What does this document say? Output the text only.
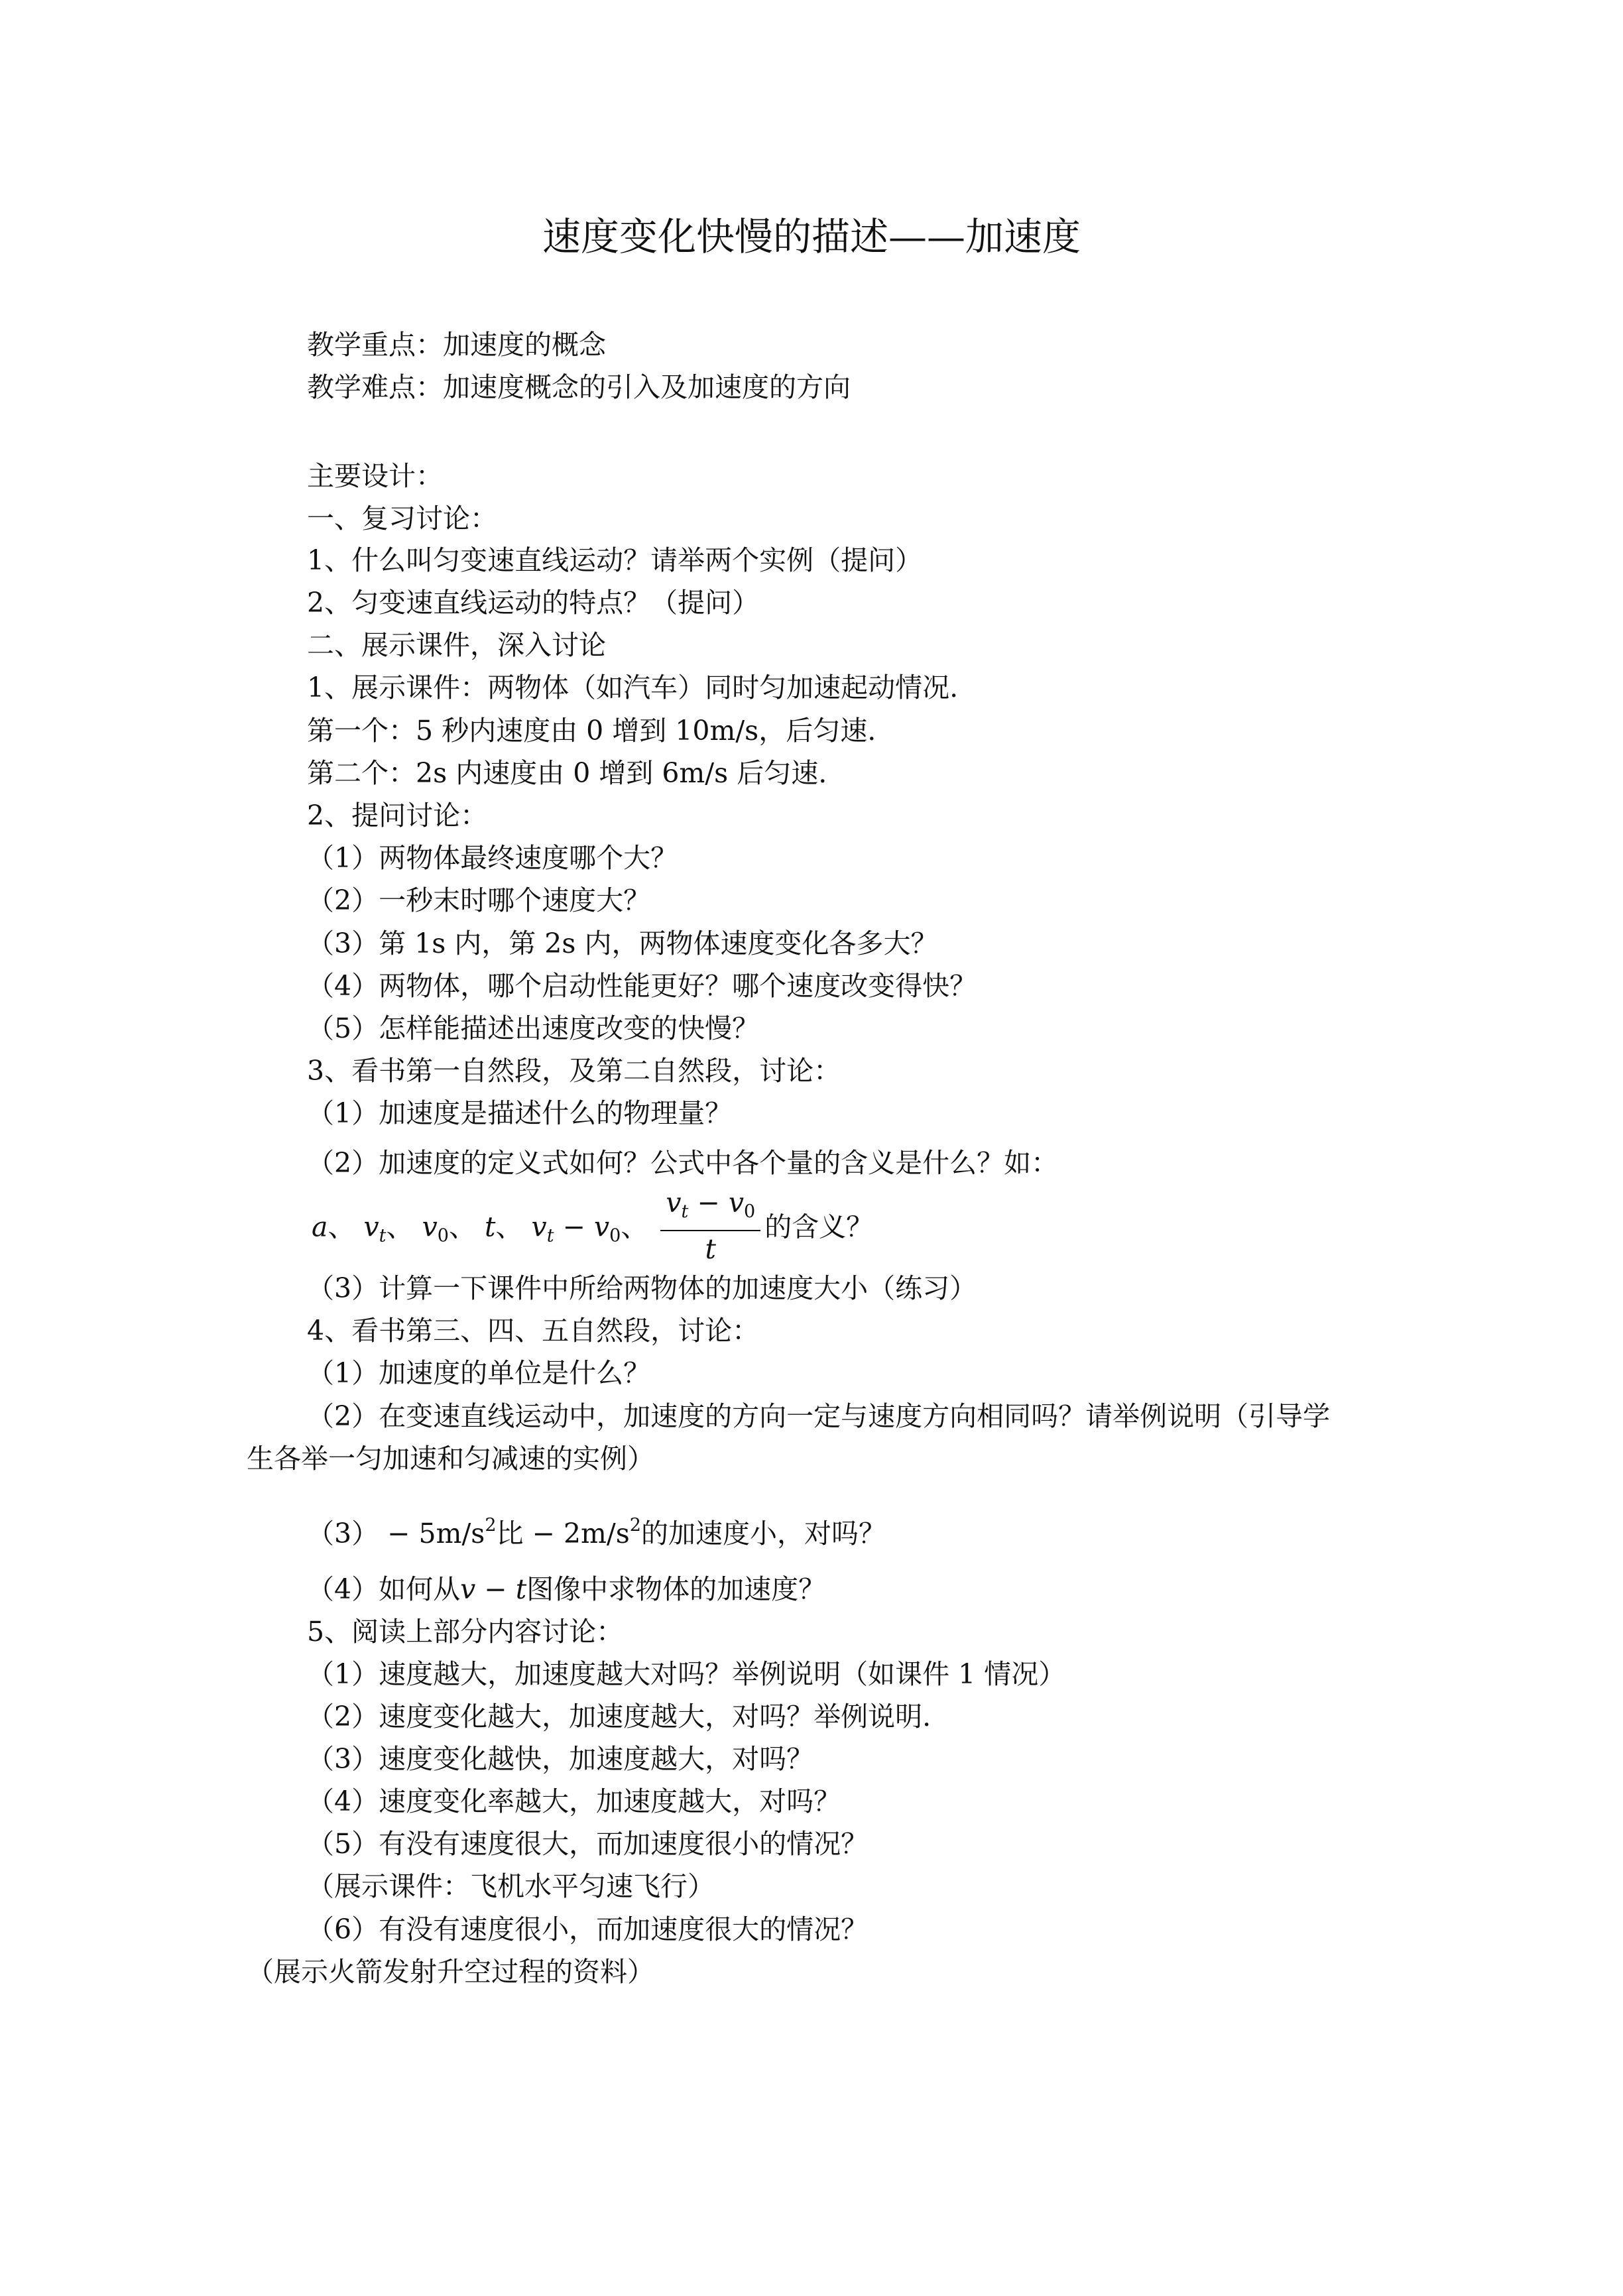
速度变化快慢的描述——加速度
教学重点：加速度的概念
教学难点：加速度概念的引入及加速度的方向
主要设计：
一、复习讨论：
1、什么叫匀变速直线运动？请举两个实例（提问）
2、匀变速直线运动的特点？（提问）
二、展示课件，深入讨论
1、展示课件：两物体（如汽车）同时匀加速起动情况.
第一个：5 秒内速度由 0 增到 10m/s，后匀速.
第二个：2s 内速度由 0 增到 6m/s 后匀速.
2、提问讨论：
（1）两物体最终速度哪个大？
（2）一秒末时哪个速度大？
（3）第 1s 内，第 2s 内，两物体速度变化各多大？
（4）两物体，哪个启动性能更好？哪个速度改变得快？
（5）怎样能描述出速度改变的快慢？
3、看书第一自然段，及第二自然段，讨论：
（1）加速度是描述什么的物理量？
（2）加速度的定义式如何？公式中各个量的含义是什么？如：
a、 $v_t$、 $v_0$、 t、 $v_t - v_0$、 $\frac{v_t - v_0}{t}$ 的含义？
（3）计算一下课件中所给两物体的加速度大小（练习）
4、看书第三、四、五自然段，讨论：
（1）加速度的单位是什么？
（2）在变速直线运动中，加速度的方向一定与速度方向相同吗？请举例说明（引导学
生各举一匀加速和匀减速的实例）
$(3) - 5m/s^2$比 − $2m/s^2$的加速度小，对吗？
（4）如何从v − t图像中求物体的加速度？
5、阅读上部分内容讨论：
（1）速度越大，加速度越大对吗？举例说明（如课件 1 情况）
（2）速度变化越大，加速度越大，对吗？举例说明.
（3）速度变化越快，加速度越大，对吗？
（4）速度变化率越大，加速度越大，对吗？
（5）有没有速度很大，而加速度很小的情况？
（展示课件：飞机水平匀速飞行）
（6）有没有速度很小，而加速度很大的情况？
（展示火箭发射升空过程的资料）
